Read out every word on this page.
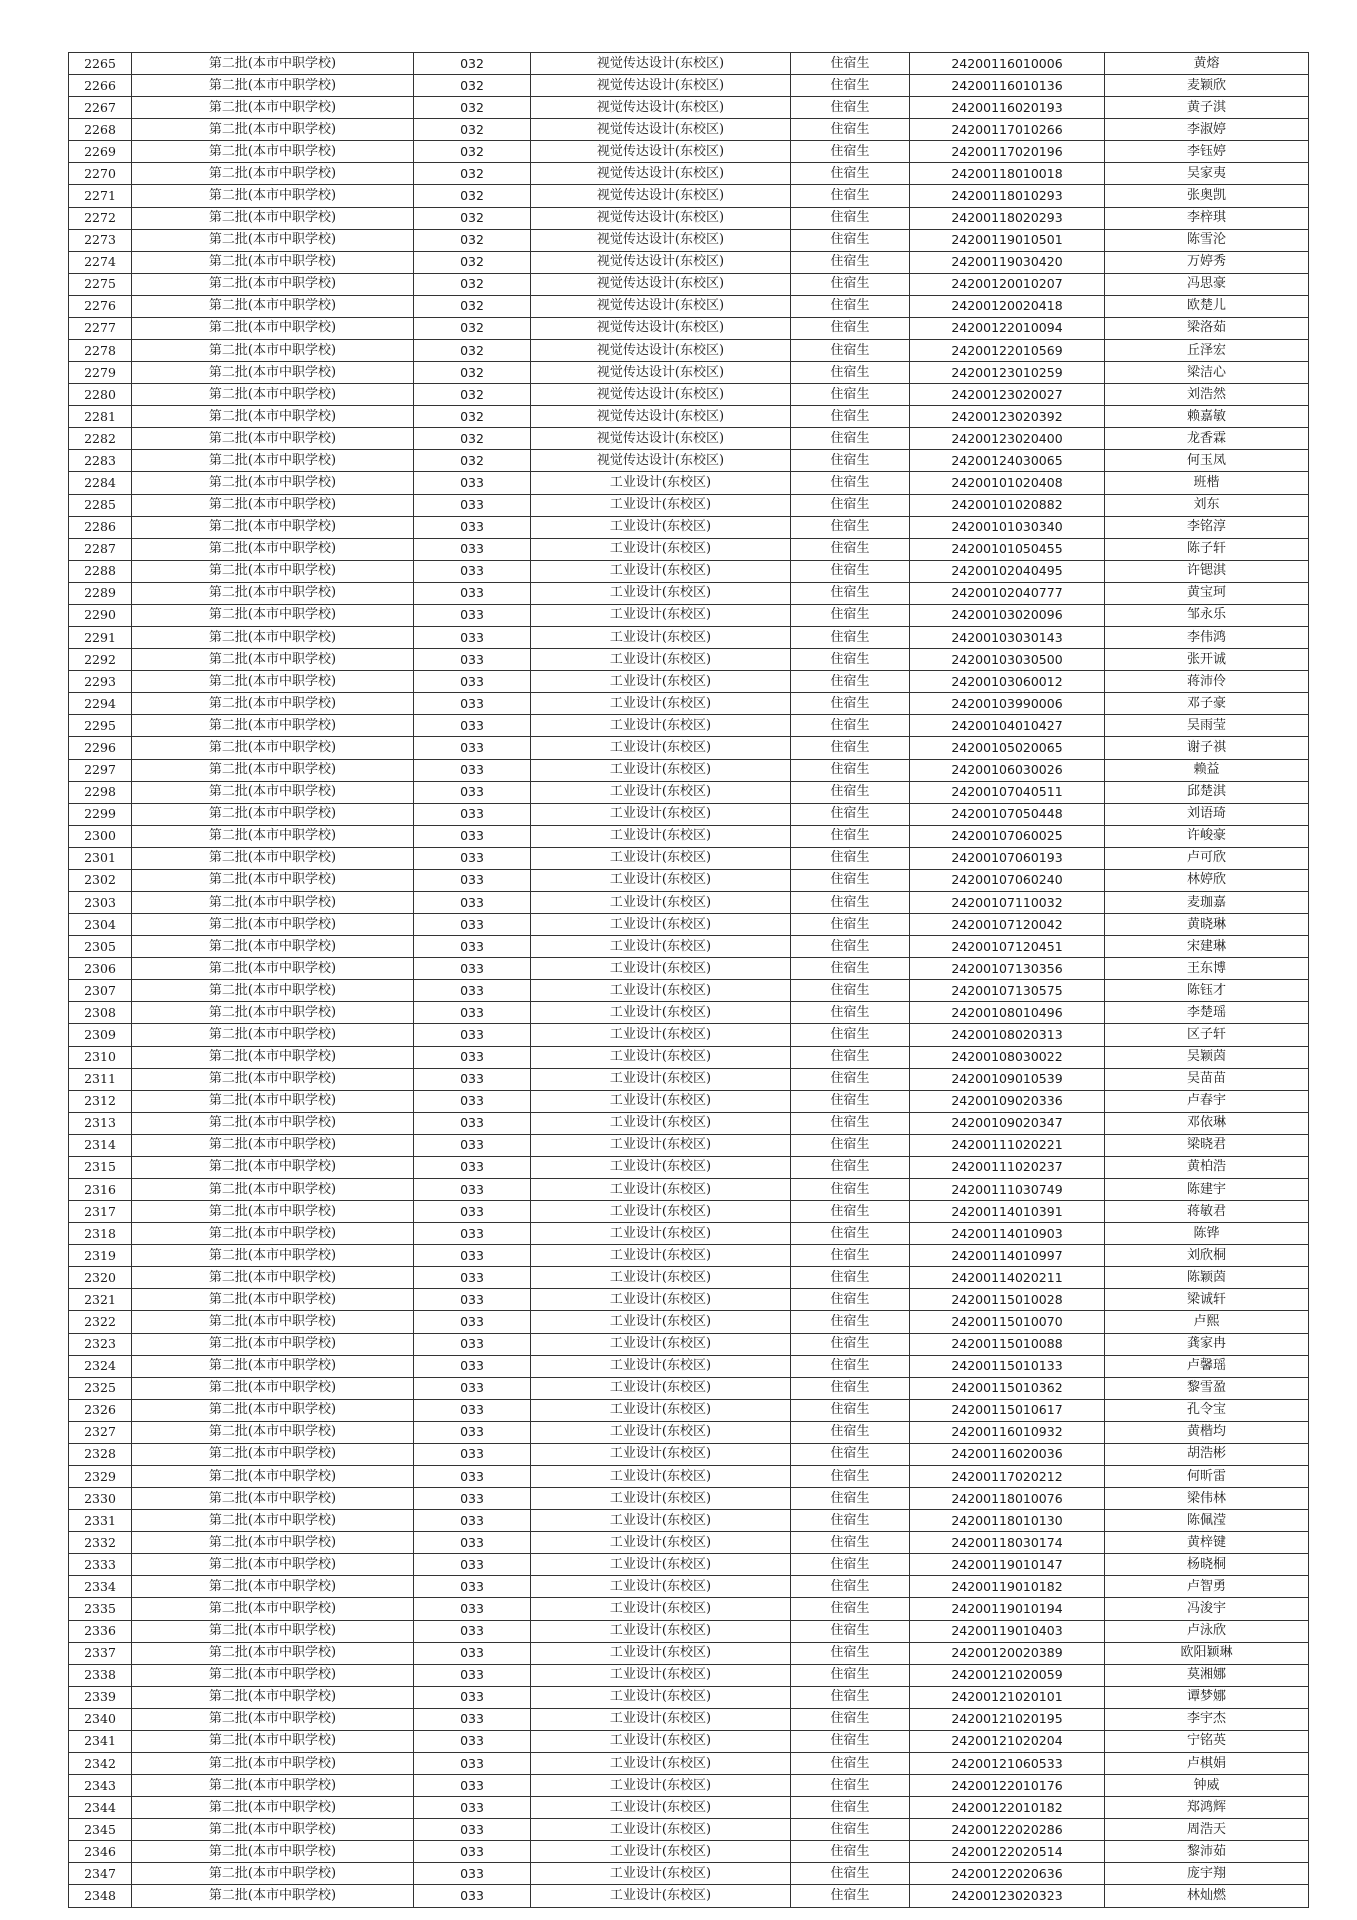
2265	第二批(本市中职学校)	032	视觉传达设计(东校区)	住宿生	24200116010006	黄熔
2266	第二批(本市中职学校)	032	视觉传达设计(东校区)	住宿生	24200116010136	麦颖欣
2267	第二批(本市中职学校)	032	视觉传达设计(东校区)	住宿生	24200116020193	黄子淇
2268	第二批(本市中职学校)	032	视觉传达设计(东校区)	住宿生	24200117010266	李淑婷
2269	第二批(本市中职学校)	032	视觉传达设计(东校区)	住宿生	24200117020196	李钰婷
2270	第二批(本市中职学校)	032	视觉传达设计(东校区)	住宿生	24200118010018	吴家夷
2271	第二批(本市中职学校)	032	视觉传达设计(东校区)	住宿生	24200118010293	张奥凯
2272	第二批(本市中职学校)	032	视觉传达设计(东校区)	住宿生	24200118020293	李梓琪
2273	第二批(本市中职学校)	032	视觉传达设计(东校区)	住宿生	24200119010501	陈雪沦
2274	第二批(本市中职学校)	032	视觉传达设计(东校区)	住宿生	24200119030420	万婷秀
2275	第二批(本市中职学校)	032	视觉传达设计(东校区)	住宿生	24200120010207	冯思豪
2276	第二批(本市中职学校)	032	视觉传达设计(东校区)	住宿生	24200120020418	欧楚儿
2277	第二批(本市中职学校)	032	视觉传达设计(东校区)	住宿生	24200122010094	梁洛茹
2278	第二批(本市中职学校)	032	视觉传达设计(东校区)	住宿生	24200122010569	丘泽宏
2279	第二批(本市中职学校)	032	视觉传达设计(东校区)	住宿生	24200123010259	梁洁心
2280	第二批(本市中职学校)	032	视觉传达设计(东校区)	住宿生	24200123020027	刘浩然
2281	第二批(本市中职学校)	032	视觉传达设计(东校区)	住宿生	24200123020392	赖嘉敏
2282	第二批(本市中职学校)	032	视觉传达设计(东校区)	住宿生	24200123020400	龙香霖
2283	第二批(本市中职学校)	032	视觉传达设计(东校区)	住宿生	24200124030065	何玉凤
2284	第二批(本市中职学校)	033	工业设计(东校区)	住宿生	24200101020408	班楷
2285	第二批(本市中职学校)	033	工业设计(东校区)	住宿生	24200101020882	刘东
2286	第二批(本市中职学校)	033	工业设计(东校区)	住宿生	24200101030340	李铭淳
2287	第二批(本市中职学校)	033	工业设计(东校区)	住宿生	24200101050455	陈子轩
2288	第二批(本市中职学校)	033	工业设计(东校区)	住宿生	24200102040495	许锶淇
2289	第二批(本市中职学校)	033	工业设计(东校区)	住宿生	24200102040777	黄宝珂
2290	第二批(本市中职学校)	033	工业设计(东校区)	住宿生	24200103020096	邹永乐
2291	第二批(本市中职学校)	033	工业设计(东校区)	住宿生	24200103030143	李伟鸿
2292	第二批(本市中职学校)	033	工业设计(东校区)	住宿生	24200103030500	张开诚
2293	第二批(本市中职学校)	033	工业设计(东校区)	住宿生	24200103060012	蒋沛伶
2294	第二批(本市中职学校)	033	工业设计(东校区)	住宿生	24200103990006	邓子豪
2295	第二批(本市中职学校)	033	工业设计(东校区)	住宿生	24200104010427	吴雨莹
2296	第二批(本市中职学校)	033	工业设计(东校区)	住宿生	24200105020065	谢子祺
2297	第二批(本市中职学校)	033	工业设计(东校区)	住宿生	24200106030026	赖益
2298	第二批(本市中职学校)	033	工业设计(东校区)	住宿生	24200107040511	邱楚淇
2299	第二批(本市中职学校)	033	工业设计(东校区)	住宿生	24200107050448	刘语琦
2300	第二批(本市中职学校)	033	工业设计(东校区)	住宿生	24200107060025	许峻豪
2301	第二批(本市中职学校)	033	工业设计(东校区)	住宿生	24200107060193	卢可欣
2302	第二批(本市中职学校)	033	工业设计(东校区)	住宿生	24200107060240	林婷欣
2303	第二批(本市中职学校)	033	工业设计(东校区)	住宿生	24200107110032	麦珈嘉
2304	第二批(本市中职学校)	033	工业设计(东校区)	住宿生	24200107120042	黄晓琳
2305	第二批(本市中职学校)	033	工业设计(东校区)	住宿生	24200107120451	宋建琳
2306	第二批(本市中职学校)	033	工业设计(东校区)	住宿生	24200107130356	王东博
2307	第二批(本市中职学校)	033	工业设计(东校区)	住宿生	24200107130575	陈钰才
2308	第二批(本市中职学校)	033	工业设计(东校区)	住宿生	24200108010496	李楚瑶
2309	第二批(本市中职学校)	033	工业设计(东校区)	住宿生	24200108020313	区子轩
2310	第二批(本市中职学校)	033	工业设计(东校区)	住宿生	24200108030022	吴颖茵
2311	第二批(本市中职学校)	033	工业设计(东校区)	住宿生	24200109010539	吴苗苗
2312	第二批(本市中职学校)	033	工业设计(东校区)	住宿生	24200109020336	卢春宇
2313	第二批(本市中职学校)	033	工业设计(东校区)	住宿生	24200109020347	邓依琳
2314	第二批(本市中职学校)	033	工业设计(东校区)	住宿生	24200111020221	梁晓君
2315	第二批(本市中职学校)	033	工业设计(东校区)	住宿生	24200111020237	黄柏浩
2316	第二批(本市中职学校)	033	工业设计(东校区)	住宿生	24200111030749	陈建宇
2317	第二批(本市中职学校)	033	工业设计(东校区)	住宿生	24200114010391	蒋敏君
2318	第二批(本市中职学校)	033	工业设计(东校区)	住宿生	24200114010903	陈铧
2319	第二批(本市中职学校)	033	工业设计(东校区)	住宿生	24200114010997	刘欣桐
2320	第二批(本市中职学校)	033	工业设计(东校区)	住宿生	24200114020211	陈颖茵
2321	第二批(本市中职学校)	033	工业设计(东校区)	住宿生	24200115010028	梁诚轩
2322	第二批(本市中职学校)	033	工业设计(东校区)	住宿生	24200115010070	卢熙
2323	第二批(本市中职学校)	033	工业设计(东校区)	住宿生	24200115010088	龚家冉
2324	第二批(本市中职学校)	033	工业设计(东校区)	住宿生	24200115010133	卢馨瑶
2325	第二批(本市中职学校)	033	工业设计(东校区)	住宿生	24200115010362	黎雪盈
2326	第二批(本市中职学校)	033	工业设计(东校区)	住宿生	24200115010617	孔令宝
2327	第二批(本市中职学校)	033	工业设计(东校区)	住宿生	24200116010932	黄楷均
2328	第二批(本市中职学校)	033	工业设计(东校区)	住宿生	24200116020036	胡浩彬
2329	第二批(本市中职学校)	033	工业设计(东校区)	住宿生	24200117020212	何昕雷
2330	第二批(本市中职学校)	033	工业设计(东校区)	住宿生	24200118010076	梁伟林
2331	第二批(本市中职学校)	033	工业设计(东校区)	住宿生	24200118010130	陈佩滢
2332	第二批(本市中职学校)	033	工业设计(东校区)	住宿生	24200118030174	黄梓键
2333	第二批(本市中职学校)	033	工业设计(东校区)	住宿生	24200119010147	杨晓桐
2334	第二批(本市中职学校)	033	工业设计(东校区)	住宿生	24200119010182	卢智勇
2335	第二批(本市中职学校)	033	工业设计(东校区)	住宿生	24200119010194	冯浚宇
2336	第二批(本市中职学校)	033	工业设计(东校区)	住宿生	24200119010403	卢泳欣
2337	第二批(本市中职学校)	033	工业设计(东校区)	住宿生	24200120020389	欧阳颖琳
2338	第二批(本市中职学校)	033	工业设计(东校区)	住宿生	24200121020059	莫湘娜
2339	第二批(本市中职学校)	033	工业设计(东校区)	住宿生	24200121020101	谭梦娜
2340	第二批(本市中职学校)	033	工业设计(东校区)	住宿生	24200121020195	李宇杰
2341	第二批(本市中职学校)	033	工业设计(东校区)	住宿生	24200121020204	宁铭英
2342	第二批(本市中职学校)	033	工业设计(东校区)	住宿生	24200121060533	卢棋娟
2343	第二批(本市中职学校)	033	工业设计(东校区)	住宿生	24200122010176	钟威
2344	第二批(本市中职学校)	033	工业设计(东校区)	住宿生	24200122010182	郑鸿辉
2345	第二批(本市中职学校)	033	工业设计(东校区)	住宿生	24200122020286	周浩天
2346	第二批(本市中职学校)	033	工业设计(东校区)	住宿生	24200122020514	黎沛茹
2347	第二批(本市中职学校)	033	工业设计(东校区)	住宿生	24200122020636	庞宇翔
2348	第二批(本市中职学校)	033	工业设计(东校区)	住宿生	24200123020323	林灿燃
